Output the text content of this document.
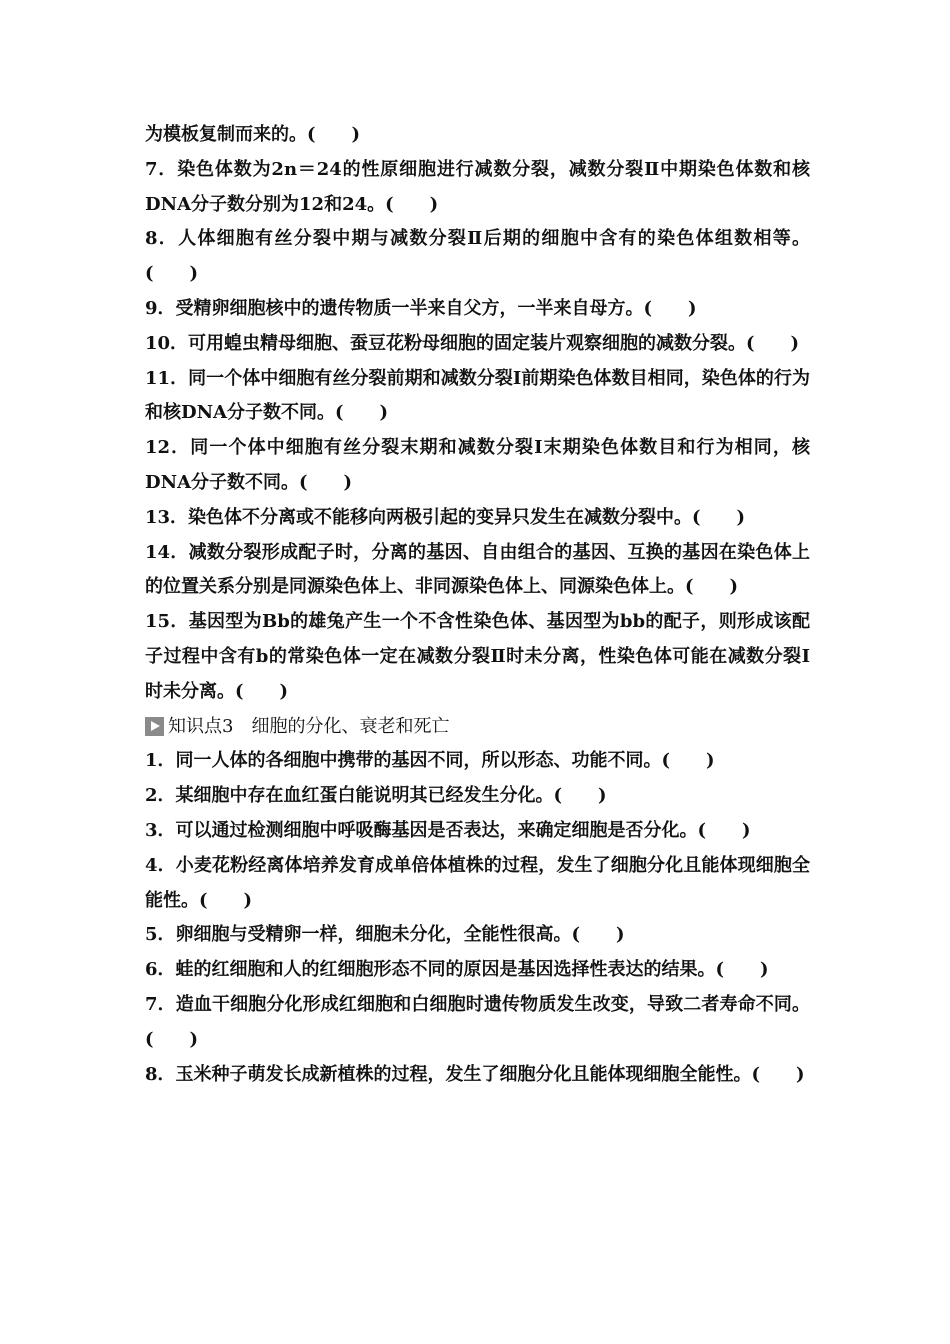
为模板复制而来的。(　　)

7．染色体数为2n＝24的性原细胞进行减数分裂，减数分裂Ⅱ中期染色体数和核DNA分子数分别为12和24。(　　)

8．人体细胞有丝分裂中期与减数分裂Ⅱ后期的细胞中含有的染色体组数相等。(　　)

9．受精卵细胞核中的遗传物质一半来自父方，一半来自母方。(　　)

10．可用蝗虫精母细胞、蚕豆花粉母细胞的固定装片观察细胞的减数分裂。(　　)

11．同一个体中细胞有丝分裂前期和减数分裂Ⅰ前期染色体数目相同，染色体的行为和核DNA分子数不同。(　　)

12．同一个体中细胞有丝分裂末期和减数分裂Ⅰ末期染色体数目和行为相同，核DNA分子数不同。(　　)

13．染色体不分离或不能移向两极引起的变异只发生在减数分裂中。(　　)

14．减数分裂形成配子时，分离的基因、自由组合的基因、互换的基因在染色体上的位置关系分别是同源染色体上、非同源染色体上、同源染色体上。(　　)

15．基因型为Bb的雄兔产生一个不含性染色体、基因型为bb的配子，则形成该配子过程中含有b的常染色体一定在减数分裂Ⅱ时未分离，性染色体可能在减数分裂Ⅰ时未分离。(　　)

知识点3　细胞的分化、衰老和死亡

1．同一人体的各细胞中携带的基因不同，所以形态、功能不同。(　　)

2．某细胞中存在血红蛋白能说明其已经发生分化。(　　)

3．可以通过检测细胞中呼吸酶基因是否表达，来确定细胞是否分化。(　　)

4．小麦花粉经离体培养发育成单倍体植株的过程，发生了细胞分化且能体现细胞全能性。(　　)

5．卵细胞与受精卵一样，细胞未分化，全能性很高。(　　)

6．蛙的红细胞和人的红细胞形态不同的原因是基因选择性表达的结果。(　　)

7．造血干细胞分化形成红细胞和白细胞时遗传物质发生改变，导致二者寿命不同。(　　)

8．玉米种子萌发长成新植株的过程，发生了细胞分化且能体现细胞全能性。(　　)
